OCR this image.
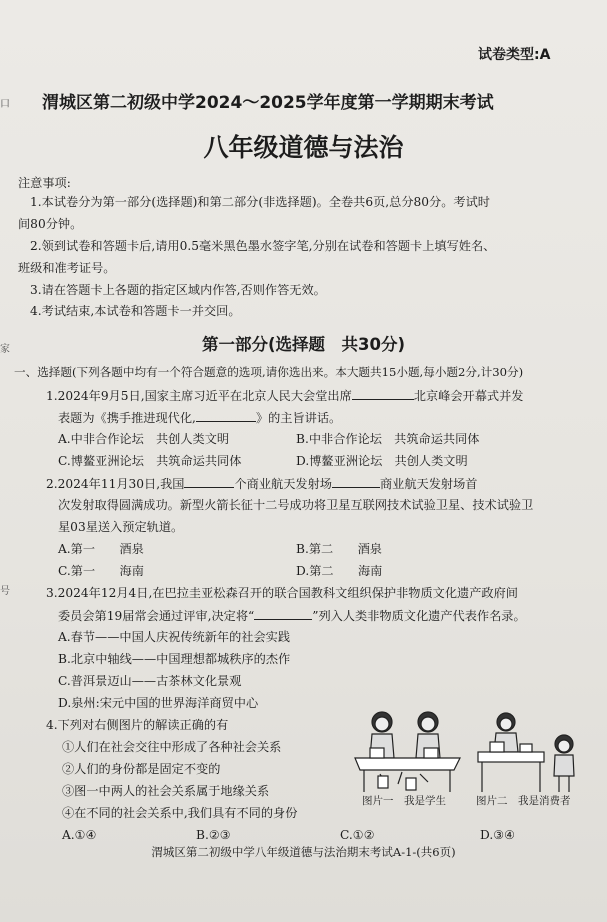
口
家
号
试卷类型:A
渭城区第二初级中学2024～2025学年度第一学期期末考试
八年级道德与法治
注意事项:
1.本试卷分为第一部分(选择题)和第二部分(非选择题)。全卷共6页,总分80分。考试时
间80分钟。
2.领到试卷和答题卡后,请用0.5毫米黑色墨水签字笔,分别在试卷和答题卡上填写姓名、
班级和准考证号。
3.请在答题卡上各题的指定区域内作答,否则作答无效。
4.考试结束,本试卷和答题卡一并交回。
第一部分(选择题　共30分)
一、选择题(下列各题中均有一个符合题意的选项,请你选出来。本大题共15小题,每小题2分,计30分)
1.2024年9月5日,国家主席习近平在北京人民大会堂出席	北京峰会开幕式并发
表题为《携手推进现代化,	》的主旨讲话。
A.中非合作论坛　共创人类文明	B.中非合作论坛　共筑命运共同体
C.博鳌亚洲论坛　共筑命运共同体	D.博鳌亚洲论坛　共创人类文明
2.2024年11月30日,我国	个商业航天发射场	商业航天发射场首
次发射取得圆满成功。新型火箭长征十二号成功将卫星互联网技术试验卫星、技术试验卫
星03星送入预定轨道。
A.第一　　酒泉	B.第二　　酒泉
C.第一　　海南	D.第二　　海南
3.2024年12月4日,在巴拉圭亚松森召开的联合国教科文组织保护非物质文化遗产政府间
委员会第19届常会通过评审,决定将“	”列入人类非物质文化遗产代表作名录。
A.春节——中国人庆祝传统新年的社会实践
B.北京中轴线——中国理想都城秩序的杰作
C.普洱景迈山——古茶林文化景观
D.泉州:宋元中国的世界海洋商贸中心
4.下列对右侧图片的解读正确的有
①人们在社会交往中形成了各种社会关系
②人们的身份都是固定不变的
③图一中两人的社会关系属于地缘关系
④在不同的社会关系中,我们具有不同的身份
A.①④	B.②③	C.①②	D.③④
图片一　我是学生	图片二　我是消费者
渭城区第二初级中学八年级道德与法治期末考试A-1-(共6页)
